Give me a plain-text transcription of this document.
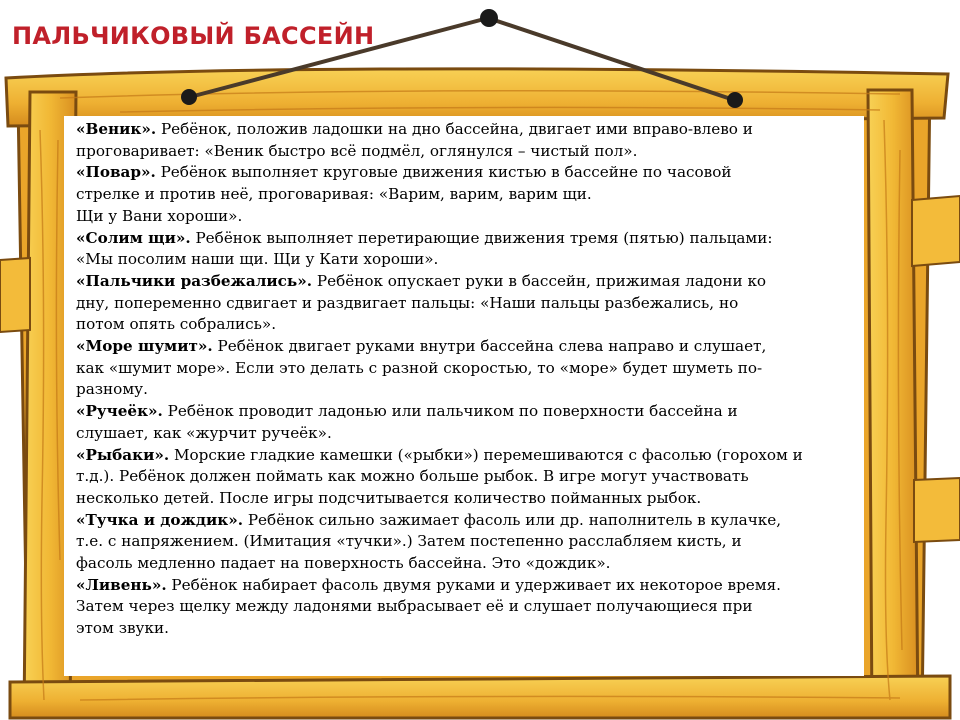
ПАЛЬЧИКОВЫЙ БАССЕЙН

«Веник». Ребёнок, положив ладошки на дно бассейна, двигает ими вправо-влево и
проговаривает: «Веник быстро всё подмёл, оглянулся – чистый пол».

«Повар». Ребёнок выполняет круговые движения кистью в бассейне по часовой
стрелке и против неё, проговаривая: «Варим, варим, варим щи.
Щи у Вани хороши».

«Солим щи». Ребёнок выполняет перетирающие движения тремя (пятью) пальцами:
«Мы посолим наши щи. Щи у Кати хороши».

«Пальчики разбежались». Ребёнок опускает руки в бассейн, прижимая ладони ко
дну, попеременно сдвигает и раздвигает пальцы: «Наши пальцы разбежались, но
потом опять собрались».

«Море шумит». Ребёнок двигает руками внутри бассейна слева направо и слушает,
как «шумит море». Если это делать с разной скоростью, то «море» будет шуметь по-
разному.

«Ручеёк». Ребёнок проводит ладонью или пальчиком по поверхности бассейна и
слушает, как «журчит ручеёк».

«Рыбаки». Морские гладкие камешки («рыбки») перемешиваются с фасолью (горохом и
т.д.). Ребёнок должен поймать как можно больше рыбок. В игре могут участвовать
несколько детей. После игры подсчитывается количество пойманных рыбок.

«Тучка и дождик». Ребёнок сильно зажимает фасоль или др. наполнитель в кулачке,
т.е. с напряжением. (Имитация «тучки».) Затем постепенно расслабляем кисть, и
фасоль медленно падает на поверхность бассейна. Это «дождик».

«Ливень». Ребёнок набирает фасоль двумя руками и удерживает их некоторое время.
Затем через щелку между ладонями выбрасывает её и слушает получающиеся при
этом звуки.
